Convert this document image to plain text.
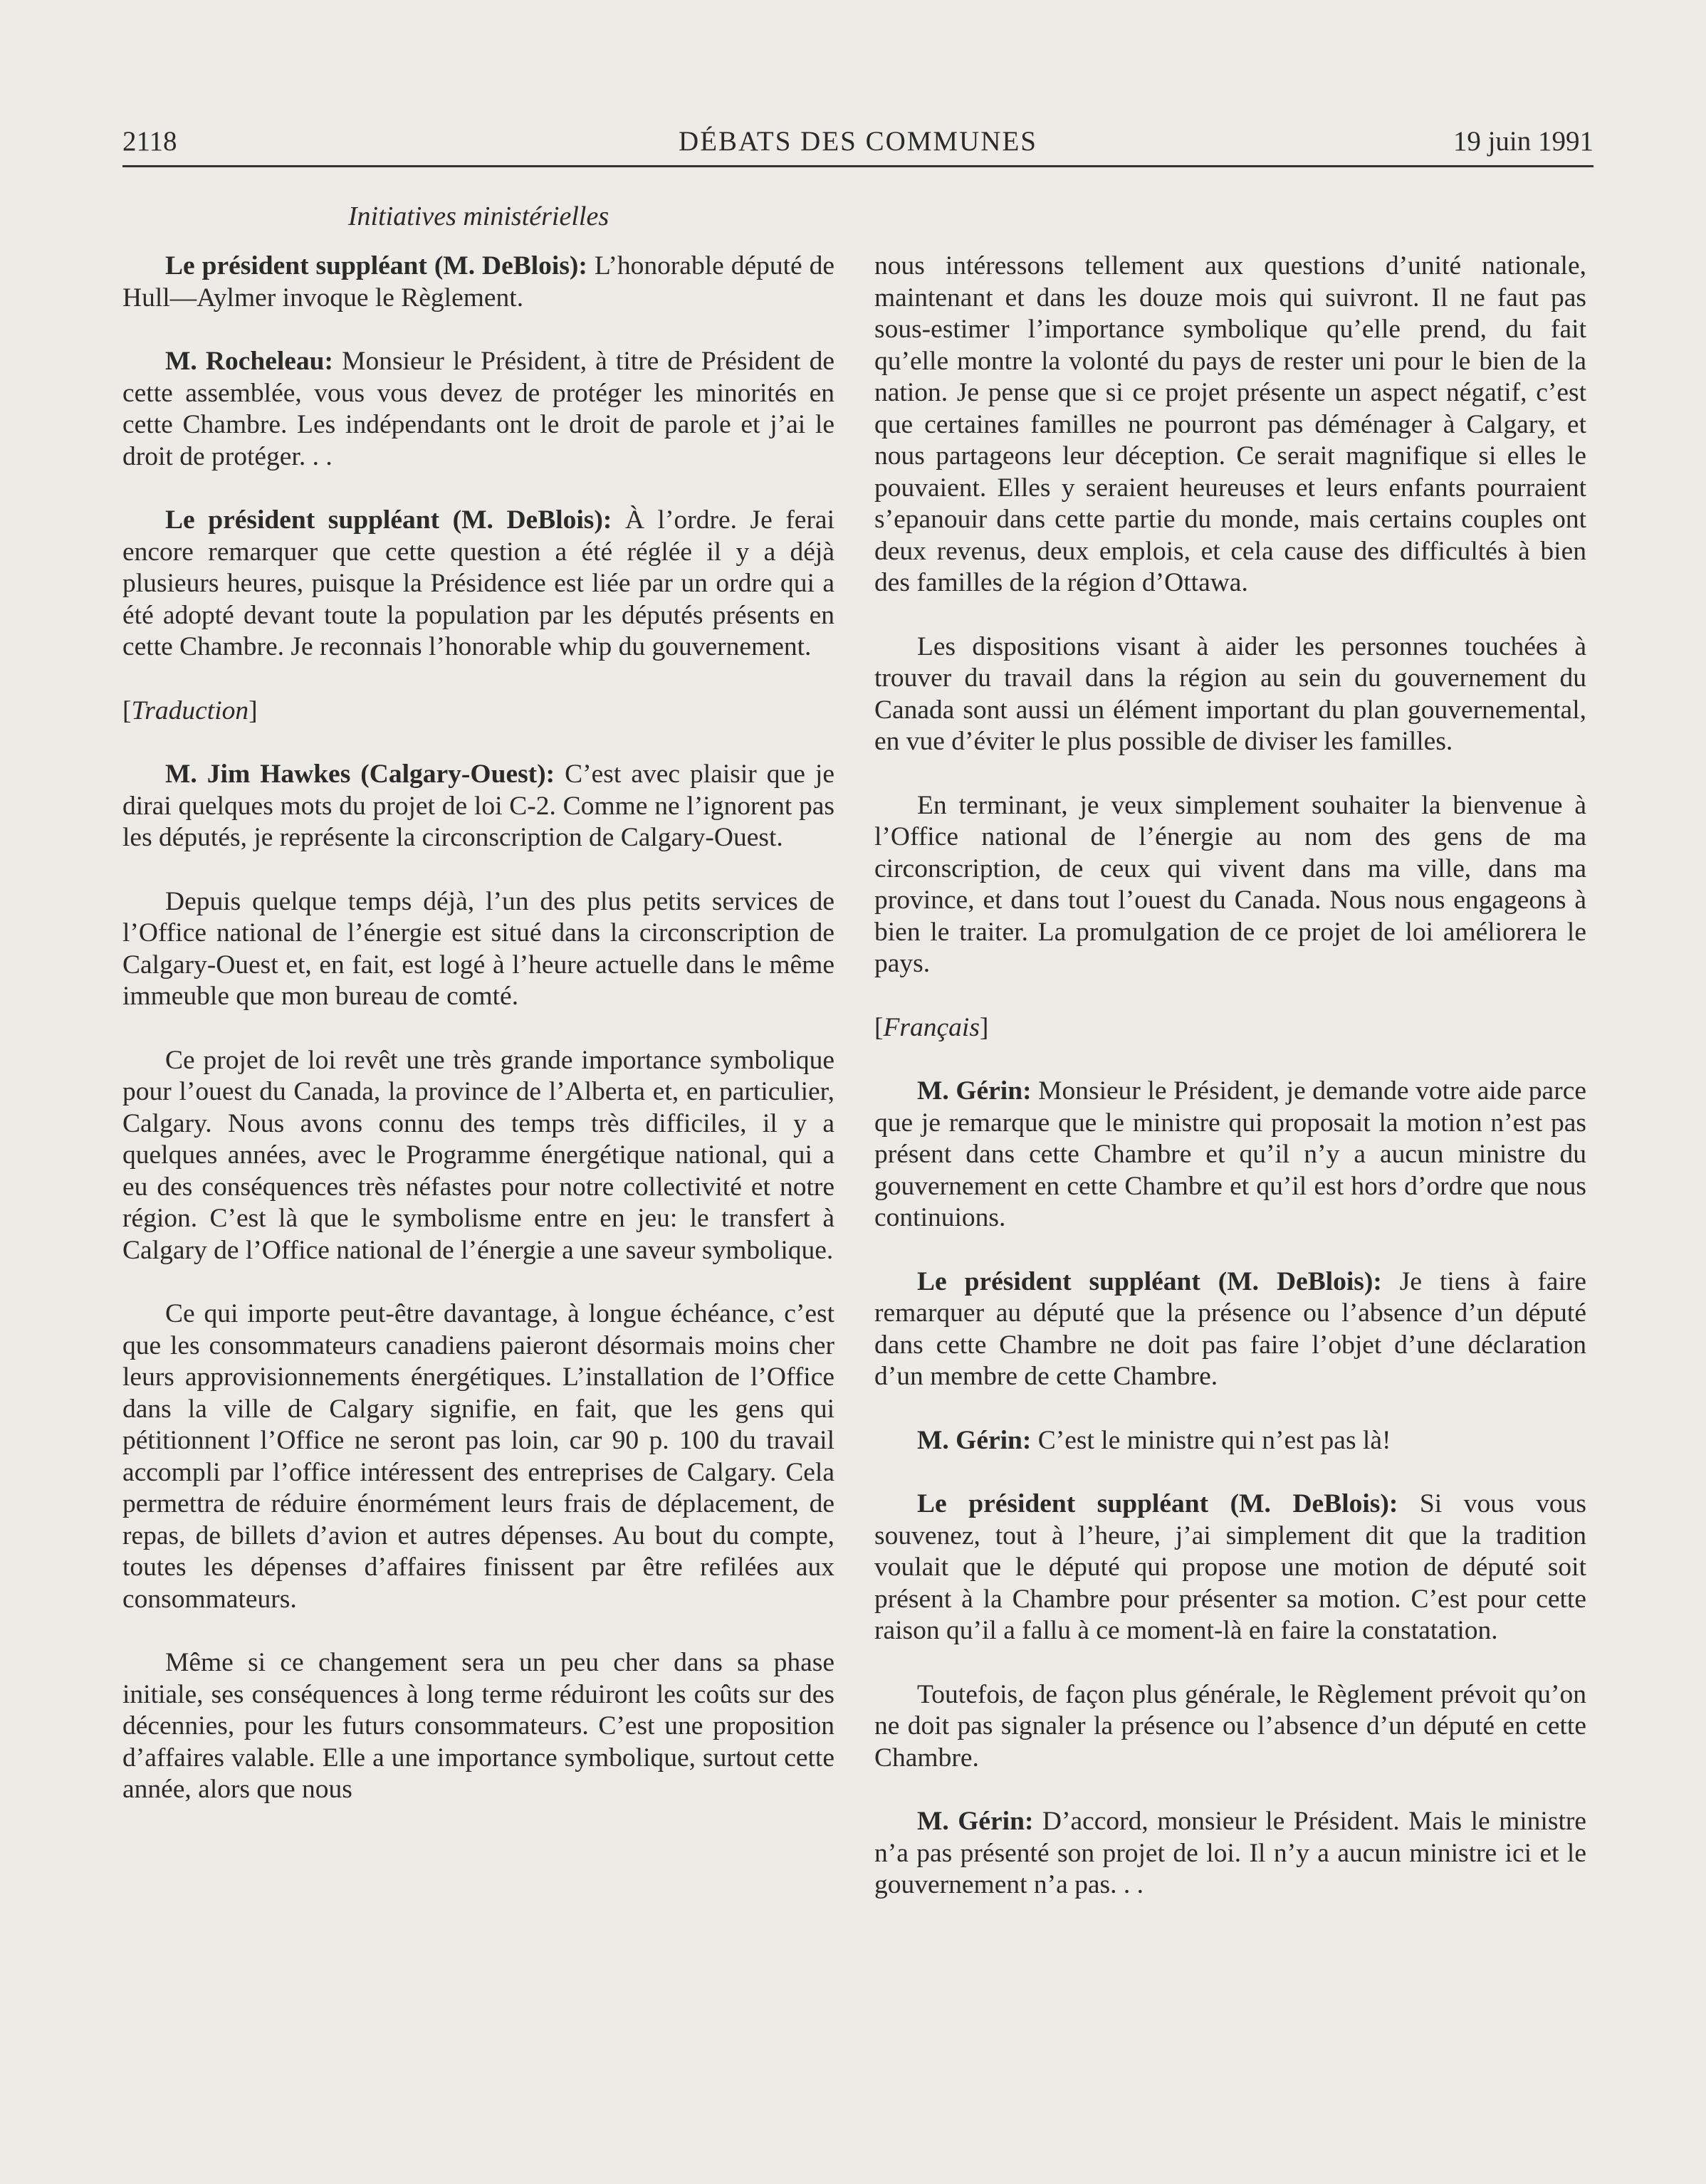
2118	DÉBATS DES COMMUNES	19 juin 1991
Initiatives ministérielles

Le président suppléant (M. DeBlois): L’honorable député de Hull—Aylmer invoque le Règlement.

M. Rocheleau: Monsieur le Président, à titre de Président de cette assemblée, vous vous devez de protéger les minorités en cette Chambre. Les indépendants ont le droit de parole et j’ai le droit de protéger. . .

Le président suppléant (M. DeBlois): À l’ordre. Je ferai encore remarquer que cette question a été réglée il y a déjà plusieurs heures, puisque la Présidence est liée par un ordre qui a été adopté devant toute la population par les députés présents en cette Chambre. Je reconnais l’honorable whip du gouvernement.

[Traduction]

M. Jim Hawkes (Calgary-Ouest): C’est avec plaisir que je dirai quelques mots du projet de loi C-2. Comme ne l’ignorent pas les députés, je représente la circonscription de Calgary-Ouest.

Depuis quelque temps déjà, l’un des plus petits services de l’Office national de l’énergie est situé dans la circonscription de Calgary-Ouest et, en fait, est logé à l’heure actuelle dans le même immeuble que mon bureau de comté.

Ce projet de loi revêt une très grande importance symbolique pour l’ouest du Canada, la province de l’Alberta et, en particulier, Calgary. Nous avons connu des temps très difficiles, il y a quelques années, avec le Programme énergétique national, qui a eu des conséquences très néfastes pour notre collectivité et notre région. C’est là que le symbolisme entre en jeu: le transfert à Calgary de l’Office national de l’énergie a une saveur symbolique.

Ce qui importe peut-être davantage, à longue échéance, c’est que les consommateurs canadiens paieront désormais moins cher leurs approvisionnements énergétiques. L’installation de l’Office dans la ville de Calgary signifie, en fait, que les gens qui pétitionnent l’Office ne seront pas loin, car 90 p. 100 du travail accompli par l’office intéressent des entreprises de Calgary. Cela permettra de réduire énormément leurs frais de déplacement, de repas, de billets d’avion et autres dépenses. Au bout du compte, toutes les dépenses d’affaires finissent par être refilées aux consommateurs.

Même si ce changement sera un peu cher dans sa phase initiale, ses conséquences à long terme réduiront les coûts sur des décennies, pour les futurs consommateurs. C’est une proposition d’affaires valable. Elle a une importance symbolique, surtout cette année, alors que nous

nous intéressons tellement aux questions d’unité nationale, maintenant et dans les douze mois qui suivront. Il ne faut pas sous-estimer l’importance symbolique qu’elle prend, du fait qu’elle montre la volonté du pays de rester uni pour le bien de la nation. Je pense que si ce projet présente un aspect négatif, c’est que certaines familles ne pourront pas déménager à Calgary, et nous partageons leur déception. Ce serait magnifique si elles le pouvaient. Elles y seraient heureuses et leurs enfants pourraient s’epanouir dans cette partie du monde, mais certains couples ont deux revenus, deux emplois, et cela cause des difficultés à bien des familles de la région d’Ottawa.

Les dispositions visant à aider les personnes touchées à trouver du travail dans la région au sein du gouvernement du Canada sont aussi un élément important du plan gouvernemental, en vue d’éviter le plus possible de diviser les familles.

En terminant, je veux simplement souhaiter la bienvenue à l’Office national de l’énergie au nom des gens de ma circonscription, de ceux qui vivent dans ma ville, dans ma province, et dans tout l’ouest du Canada. Nous nous engageons à bien le traiter. La promulgation de ce projet de loi améliorera le pays.

[Français]

M. Gérin: Monsieur le Président, je demande votre aide parce que je remarque que le ministre qui proposait la motion n’est pas présent dans cette Chambre et qu’il n’y a aucun ministre du gouvernement en cette Chambre et qu’il est hors d’ordre que nous continuions.

Le président suppléant (M. DeBlois): Je tiens à faire remarquer au député que la présence ou l’absence d’un député dans cette Chambre ne doit pas faire l’objet d’une déclaration d’un membre de cette Chambre.

M. Gérin: C’est le ministre qui n’est pas là!

Le président suppléant (M. DeBlois): Si vous vous souvenez, tout à l’heure, j’ai simplement dit que la tradition voulait que le député qui propose une motion de député soit présent à la Chambre pour présenter sa motion. C’est pour cette raison qu’il a fallu à ce moment-là en faire la constatation.

Toutefois, de façon plus générale, le Règlement prévoit qu’on ne doit pas signaler la présence ou l’absence d’un député en cette Chambre.

M. Gérin: D’accord, monsieur le Président. Mais le ministre n’a pas présenté son projet de loi. Il n’y a aucun ministre ici et le gouvernement n’a pas. . .
